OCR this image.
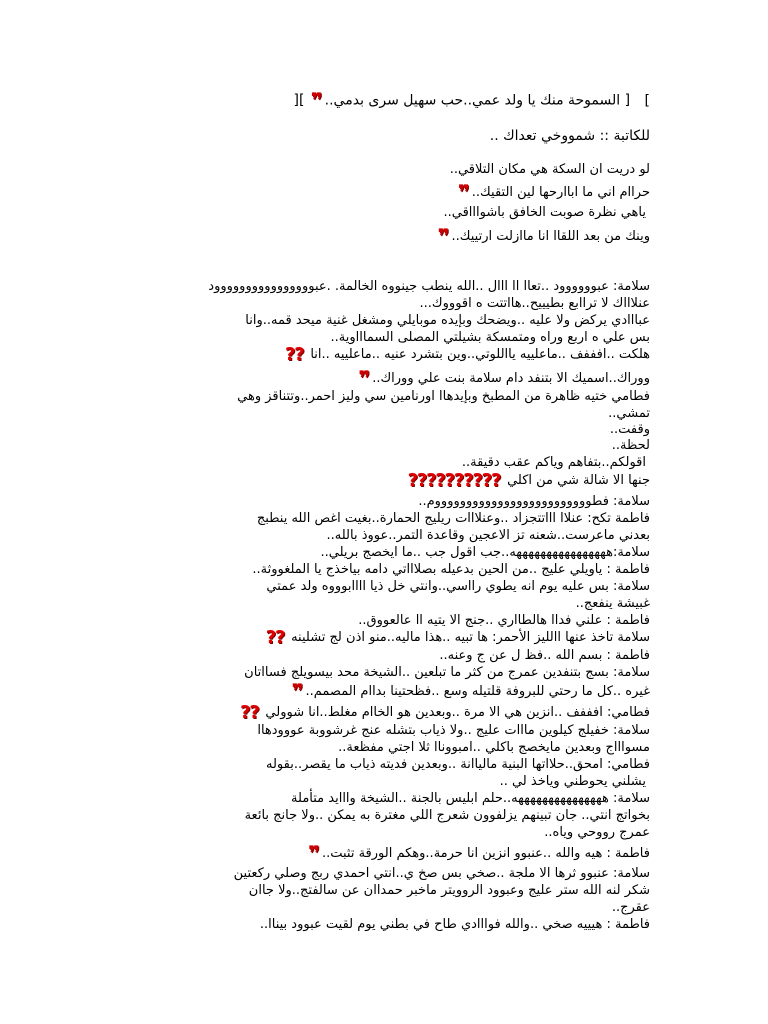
] [ السموحة منك يا ولد عمي..حب سهيل سرى بدمي..❞ ][
للكاتبة :: شمووخي تعداك ..
لو دريت ان السكة هي مكان التلاقي..
حراام اني ما اباارحها لين التقيك..❞
ياهي نظرة صوبت الخافق باشواااقي..
وينك من بعد اللقاا انا ماازلت ارتييك..❞
سلامة: عبوووووود ..تعاا اا ااال ..الله ينطب جينووه الخالمة. .عبوووووووووووووووود
عنلاااك لا تراابع بطيييح..هااتتت ه اقوووك...
عبااادي يركض ولا عليه ..ويضحك وبإيده موبايلي ومشغل غنية ميحد قمه..وانا
بس علي ه اربع وراه ومتمسكة بشيلتي المصلى السماااوية..
هلكت ..افففف ..ماعلييه يااللوتي..وين بتشرد عنيه ..ماعلييه ..انا ⁇
ووراك..اسميك الا بتنفد دام سلامة بنت علي ووراك..❞
فطامي ختيه ظاهرة من المطبخ وبإيدهاا اورنامين سي وليز احمر..وتتناقز وهي
تمشي..
وقفت..
لحظة..
اقولكم..بتفاهم وياكم عقب دقيقة..
جنها الا شالة شي من اكلي ⁇⁇⁇⁇⁇
سلامة: فطوووووووووووووووووووووووووم..
فاطمة تكح: عنلاا اااتتجزاد ..وعنلااات ريليج الحمارة..بغيت اغص الله ينطبج
بعدني ماعرست..شعنه تز الاعجين وقاعدة التمر..عووذ بالله..
سلامة:ههههههههههههههههه..جب اقول جب ..ما ايخصج بريلي..
فاطمة : ياويلي عليج ..من الحين بدعيله بصلاااتي دامه بياخذج يا الملغووثة..
سلامة: بس عليه يوم انه يطوي رااسي..وانتي خل ذيا اااابوووه ولد عمتي
غبيشة ينفعج..
فاطمة : علني فداا هالطااري ..جنج الا يتيه اا عالعووق..
سلامة تاخذ عنها االليز الأحمر: ها تبيه ..هذا ماليه..منو اذن لج تشلينه ⁇
فاطمة : بسم الله ..فظ ل عن ج وعنه..
سلامة: بسج بتنفدين عمرج من كثر ما تبلعين ..الشيخة محد بيسويلج فسااتان
غيره ..كل ما رحتي للبروفة قلتيله وسع ..فظحتينا بداام المصمم..❞
فطامي: افففف ..انزين هي الا مرة ..وبعدين هو الخاام مغلط..انا شوولي ⁇
سلامة: خفيلج كيلوين مااات عليج ..ولا ذياب بتشله عنج غرشووبة عووودهاا
مسواااج وبعدين مايخصج باكلي ..امبووناا ثلا اجتي مفظعة..
فطامي: امحق..حلااتها البنية مالياانة ..وبعدين فديته ذياب ما يقصر..بقوله
يشلني يحوطني وياخذ لي ..
سلامة: هههههههههههههههه..حلم ابليس بالجنة ..الشيخة وااايد متأملة
بخواتج انتي.. جان تبينهم يزلفوون شعرج اللي مغترة به يمكن ..ولا جانج بائعة
عمرج رووحي وياه..
فاطمة : هيه والله ..عنبوو انزين انا حرمة..وهكم الورقة تثبت..❞
سلامة: عنبوو ثرها الا ملجة ..صخي بس صخ ي..انتي احمدي ربج وصلي ركعتين
شكر لنه الله ستر عليج وعبوود الروويتر ماخبر حمداان عن سالفتج..ولا جاان
عقرج..
فاطمة : هيييه صخي ..والله فوااادي طاح في بطني يوم لقيت عبوود بيناا..
